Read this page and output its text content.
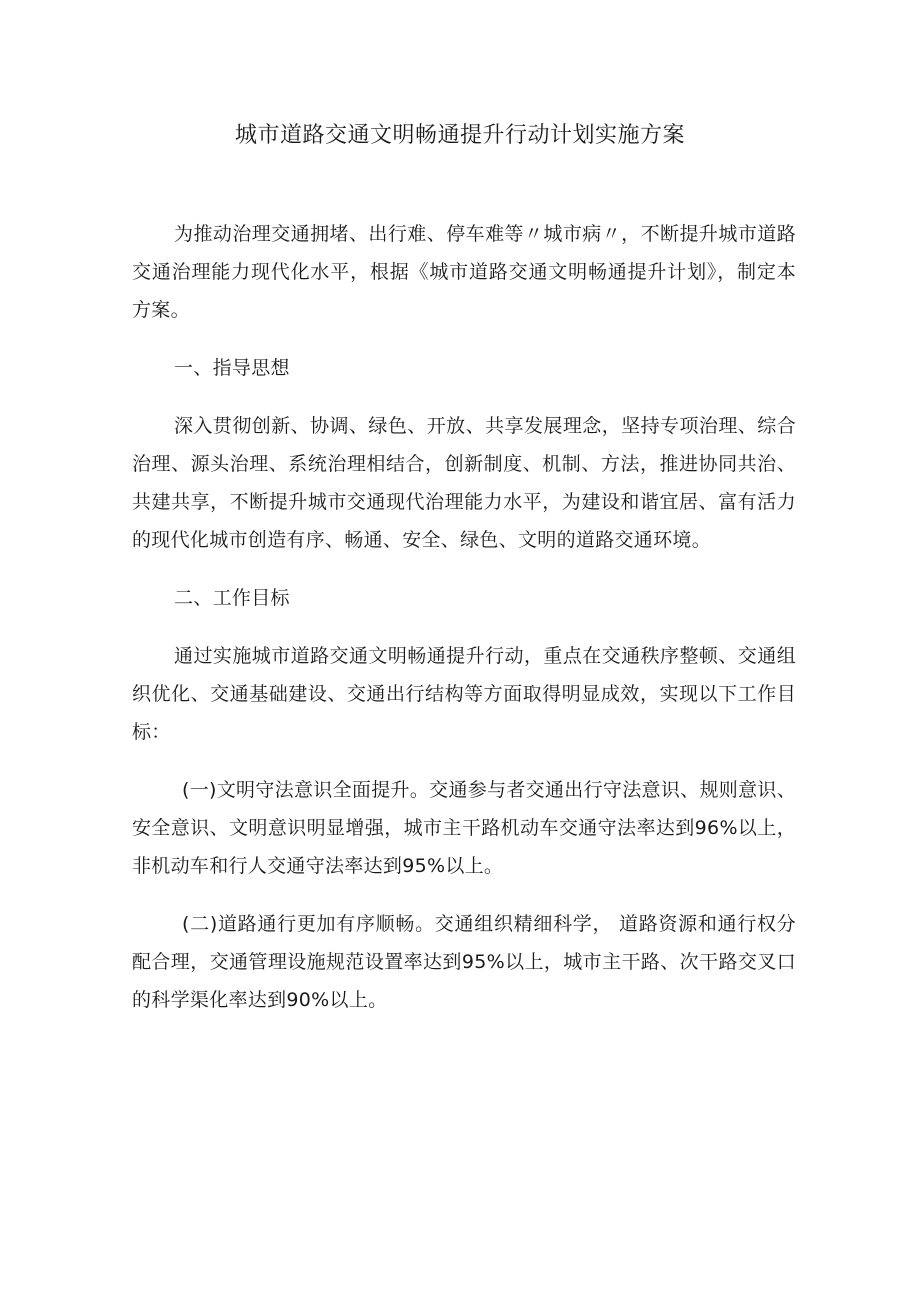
城市道路交通文明畅通提升行动计划实施方案

为推动治理交通拥堵、出行难、停车难等〃城市病〃，不断提升城市道路交通治理能力现代化水平，根据《城市道路交通文明畅通提升计划》，制定本方案。

一、指导思想

深入贯彻创新、协调、绿色、开放、共享发展理念，坚持专项治理、综合治理、源头治理、系统治理相结合，创新制度、机制、方法，推进协同共治、共建共享，不断提升城市交通现代治理能力水平，为建设和谐宜居、富有活力的现代化城市创造有序、畅通、安全、绿色、文明的道路交通环境。

二、工作目标

通过实施城市道路交通文明畅通提升行动，重点在交通秩序整顿、交通组织优化、交通基础建设、交通出行结构等方面取得明显成效，实现以下工作目标：

(一)文明守法意识全面提升。交通参与者交通出行守法意识、规则意识、安全意识、文明意识明显增强，城市主干路机动车交通守法率达到96%以上，非机动车和行人交通守法率达到95%以上。

(二)道路通行更加有序顺畅。交通组织精细科学， 道路资源和通行权分配合理，交通管理设施规范设置率达到95%以上，城市主干路、次干路交叉口的科学渠化率达到90%以上。
